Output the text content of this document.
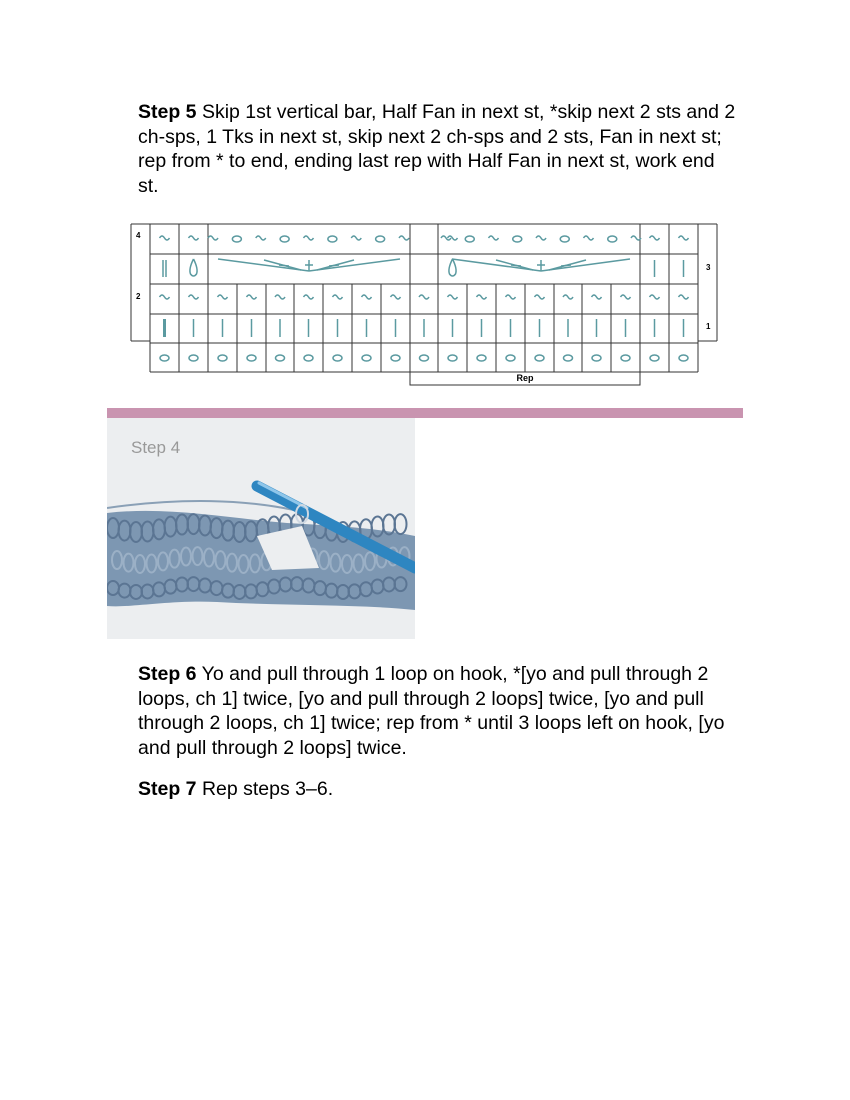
Step 5 Skip 1st vertical bar, Half Fan in next st, *skip next 2 sts and 2 ch-sps, 1 Tks in next st, skip next 2 ch-sps and 2 sts, Fan in next st; rep from * to end, ending last rep with Half Fan in next st, work end st.

4
2
3
1
Rep
Step 4

Step 6 Yo and pull through 1 loop on hook, *[yo and pull through 2 loops, ch 1] twice, [yo and pull through 2 loops] twice, [yo and pull through 2 loops, ch 1] twice; rep from * until 3 loops left on hook, [yo and pull through 2 loops] twice.

Step 7 Rep steps 3–6.
